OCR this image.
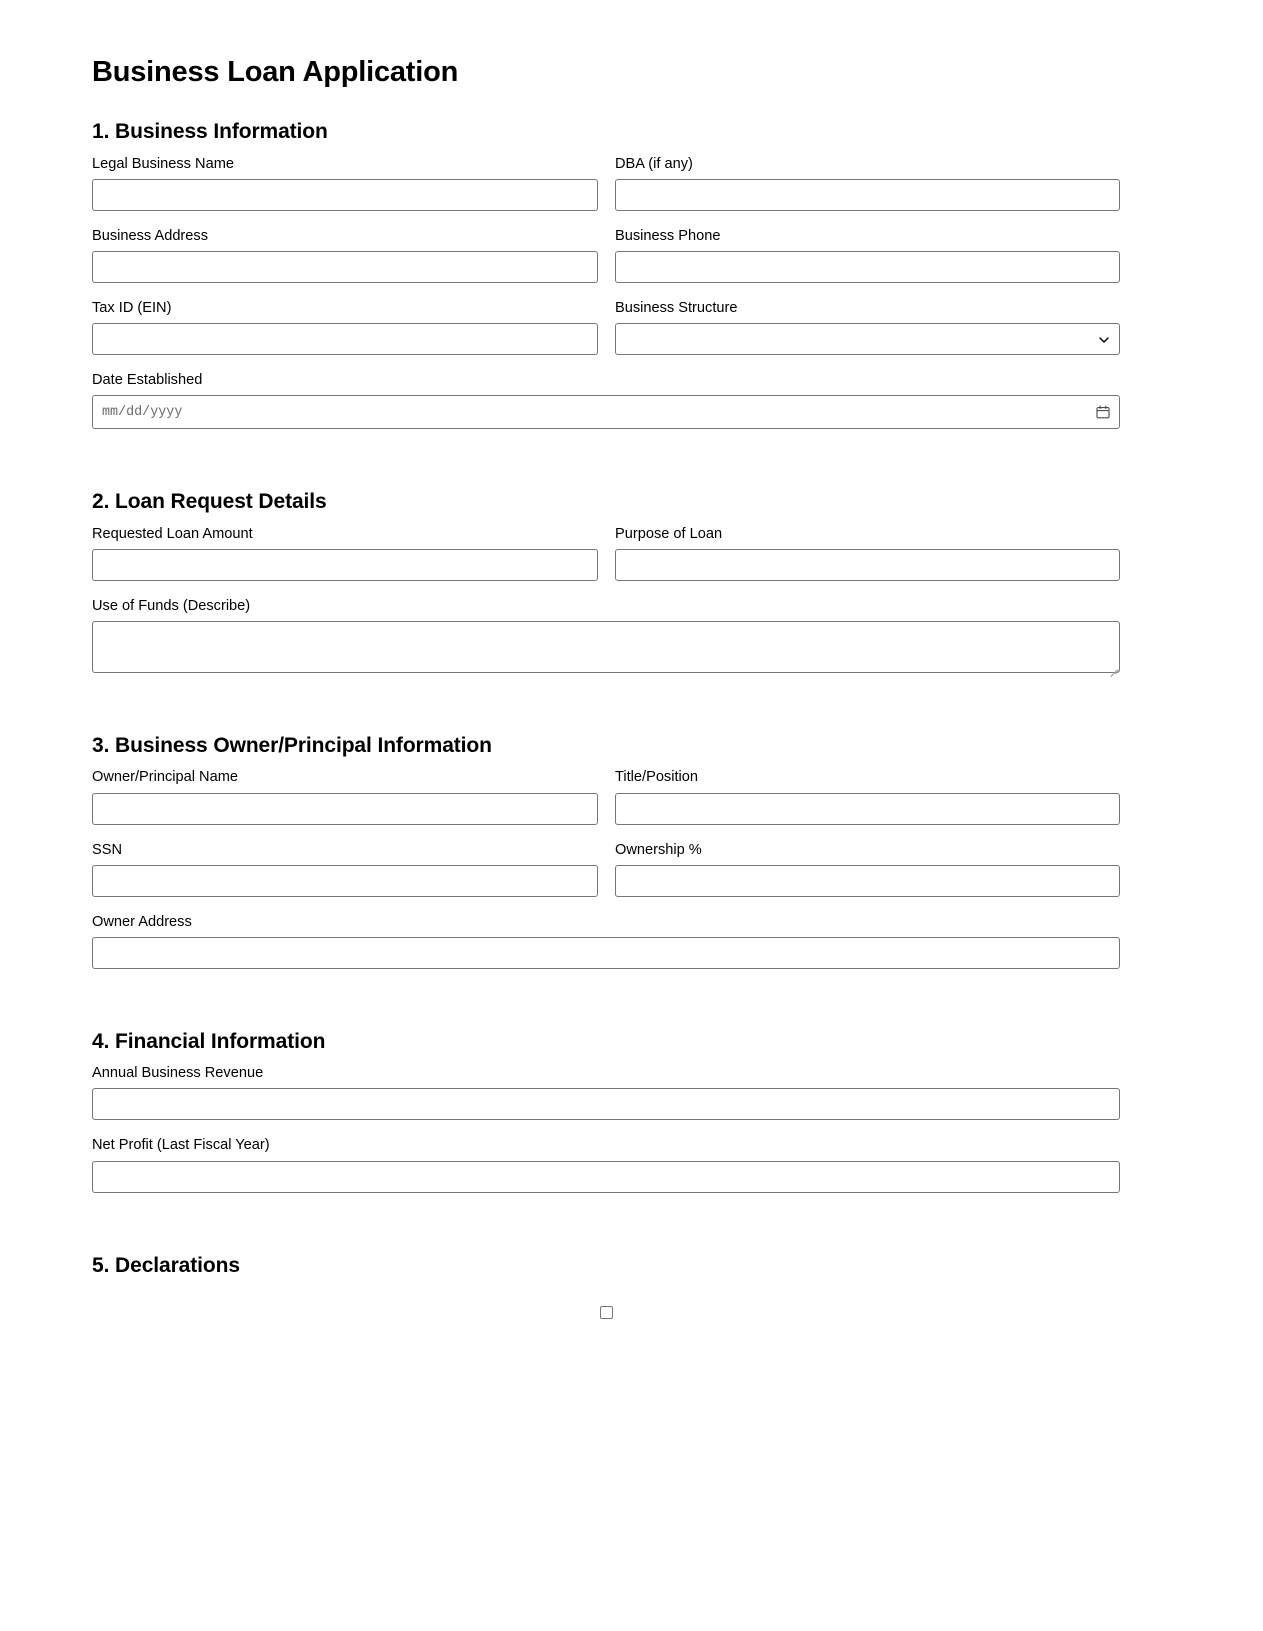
Business Loan Application
1. Business Information
Legal Business Name	DBA (if any)
Business Address	Business Phone
Tax ID (EIN)	Business Structure
Date Established
mm/dd/yyyy
2. Loan Request Details
Requested Loan Amount	Purpose of Loan
Use of Funds (Describe)
3. Business Owner/Principal Information
Owner/Principal Name	Title/Position
SSN	Ownership %
Owner Address
4. Financial Information
Annual Business Revenue
Net Profit (Last Fiscal Year)
5. Declarations
